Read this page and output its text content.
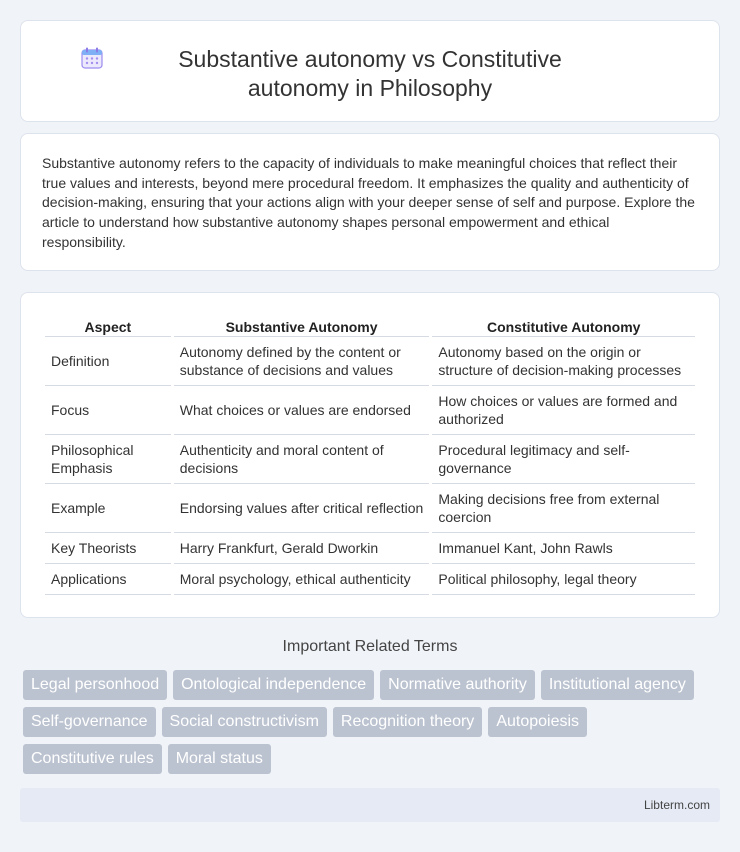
Substantive autonomy vs Constitutive autonomy in Philosophy

Substantive autonomy refers to the capacity of individuals to make meaningful choices that reflect their true values and interests, beyond mere procedural freedom. It emphasizes the quality and authenticity of decision-making, ensuring that your actions align with your deeper sense of self and purpose. Explore the article to understand how substantive autonomy shapes personal empowerment and ethical responsibility.

Aspect	Substantive Autonomy	Constitutive Autonomy
Definition	Autonomy defined by the content or substance of decisions and values	Autonomy based on the origin or structure of decision-making processes
Focus	What choices or values are endorsed	How choices or values are formed and authorized
Philosophical Emphasis	Authenticity and moral content of decisions	Procedural legitimacy and self-governance
Example	Endorsing values after critical reflection	Making decisions free from external coercion
Key Theorists	Harry Frankfurt, Gerald Dworkin	Immanuel Kant, John Rawls
Applications	Moral psychology, ethical authenticity	Political philosophy, legal theory
Important Related Terms
Legal personhood	Ontological independence	Normative authority	Institutional agency
Self-governance	Social constructivism	Recognition theory	Autopoiesis
Constitutive rules	Moral status
Libterm.com
